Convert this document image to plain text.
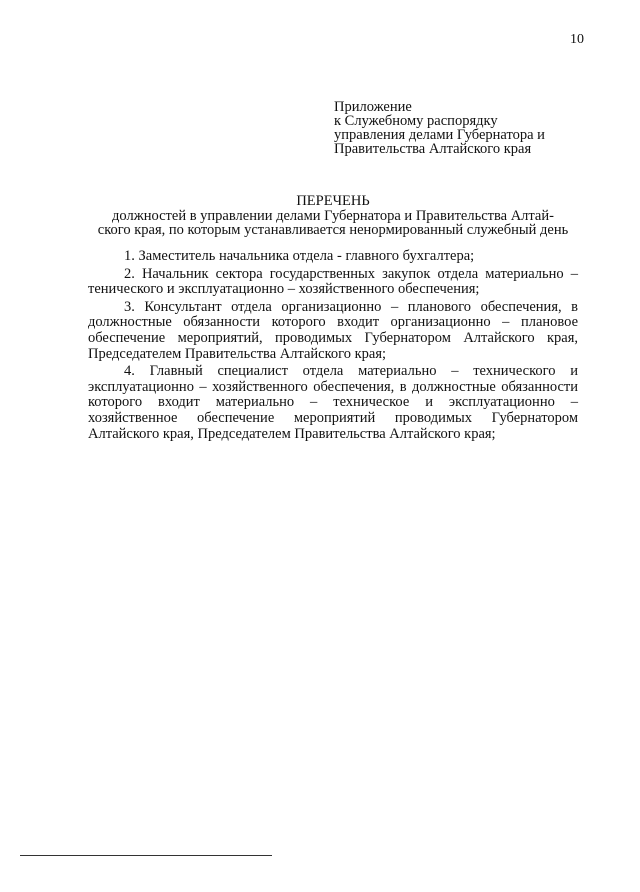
10
Приложение
к Служебному распорядку
управления делами Губернатора и
Правительства Алтайского края
ПЕРЕЧЕНЬ
должностей в управлении делами Губернатора и Правительства Алтай-
ского края, по которым устанавливается ненормированный служебный день

1. Заместитель начальника отдела - главного бухгалтера;

2. Начальник сектора государственных закупок отдела материально – тенического и эксплуатационно – хозяйственного обеспечения;

3. Консультант отдела организационно – планового обеспечения, в должностные обязанности которого входит организационно – плановое обеспечение мероприятий, проводимых Губернатором Алтайского края, Председателем Правительства Алтайского края;

4. Главный специалист отдела материально – технического и эксплуатационно – хозяйственного обеспечения, в должностные обязанности которого входит материально – техническое и эксплуатационно – хозяйственное обеспечение мероприятий проводимых Губернатором Алтайского края, Председателем Правительства Алтайского края;
